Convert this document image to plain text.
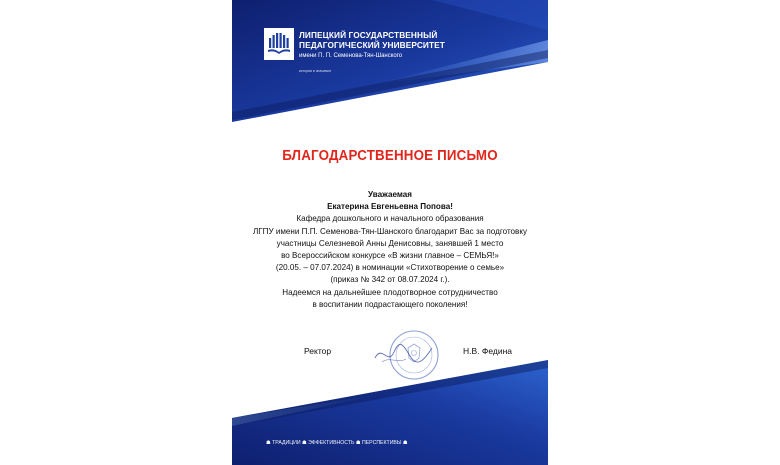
ЛИПЕЦКИЙ ГОСУДАРСТВЕННЫЙ
ПЕДАГОГИЧЕСКИЙ УНИВЕРСИТЕТ
имени П. П. Семенова-Тян-Шанского
история в значимое
БЛАГОДАРСТВЕННОЕ ПИСЬМО
Уважаемая
Екатерина Евгеньевна Попова!
Кафедра дошкольного и начального образования
ЛГПУ имени П.П. Семенова-Тян-Шанского благодарит Вас за подготовку
участницы Селезневой Анны Денисовны, занявшей 1 место
во Всероссийском конкурсе «В жизни главное – СЕМЬЯ!»
(20.05. – 07.07.2024) в номинации «Стихотворение о семье»
(приказ № 342 от 08.07.2024 г.).
Надеемся на дальнейшее плодотворное сотрудничество
в воспитании подрастающего поколения!
Ректор	Н.В. Федина
☗ ТРАДИЦИИ ☗ ЭФФЕКТИВНОСТЬ ☗ ПЕРСПЕКТИВЫ ☗
